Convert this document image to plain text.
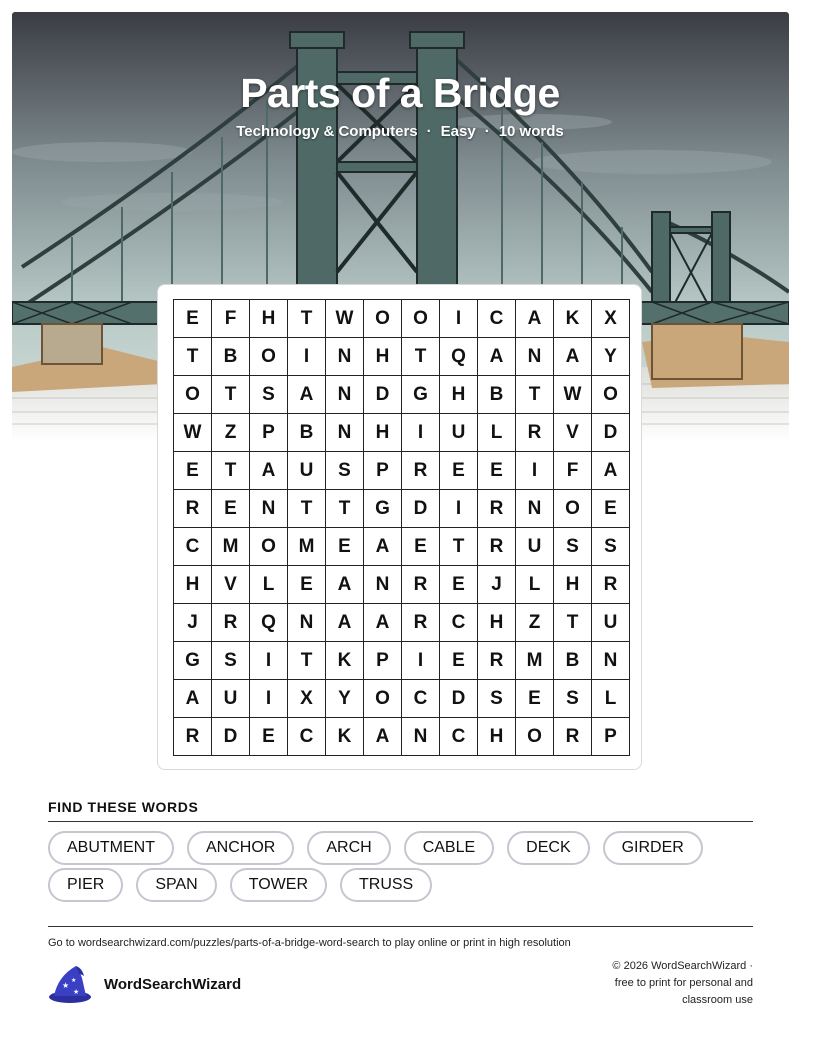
Parts of a Bridge
Technology & Computers · Easy · 10 words
E	F	H	T	W	O	O	I	C	A	K	X
T	B	O	I	N	H	T	Q	A	N	A	Y
O	T	S	A	N	D	G	H	B	T	W	O
W	Z	P	B	N	H	I	U	L	R	V	D
E	T	A	U	S	P	R	E	E	I	F	A
R	E	N	T	T	G	D	I	R	N	O	E
C	M	O	M	E	A	E	T	R	U	S	S
H	V	L	E	A	N	R	E	J	L	H	R
J	R	Q	N	A	A	R	C	H	Z	T	U
G	S	I	T	K	P	I	E	R	M	B	N
A	U	I	X	Y	O	C	D	S	E	S	L
R	D	E	C	K	A	N	C	H	O	R	P
FIND THESE WORDS
ABUTMENT	ANCHOR	ARCH	CABLE	DECK	GIRDER
PIER	SPAN	TOWER	TRUSS
Go to wordsearchwizard.com/puzzles/parts-of-a-bridge-word-search to play online or print in high resolution
★
★
★ WordSearchWizard
© 2026 WordSearchWizard ·
free to print for personal and
classroom use
